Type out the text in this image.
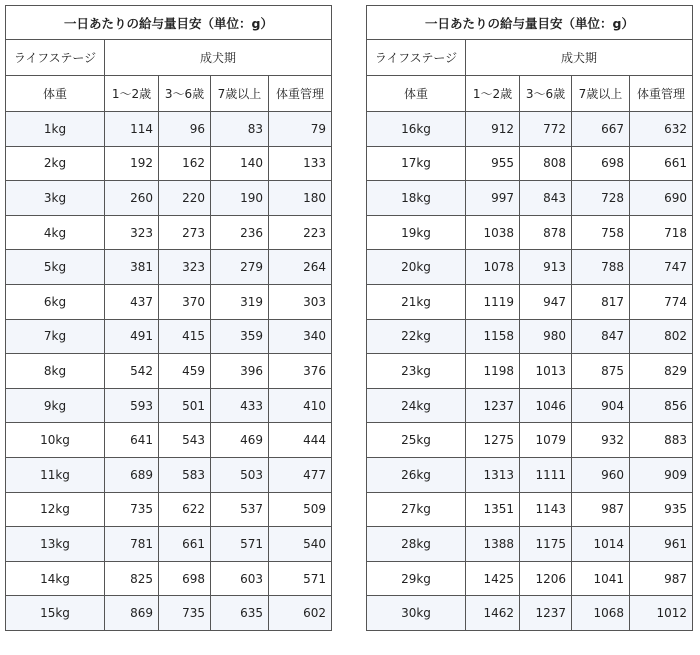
一日あたりの給与量目安（単位：g）				
ライフステージ	成犬期			
体重	1～2歳	3～6歳	7歳以上	体重管理
1kg	114	96	83	79
2kg	192	162	140	133
3kg	260	220	190	180
4kg	323	273	236	223
5kg	381	323	279	264
6kg	437	370	319	303
7kg	491	415	359	340
8kg	542	459	396	376
9kg	593	501	433	410
10kg	641	543	469	444
11kg	689	583	503	477
12kg	735	622	537	509
13kg	781	661	571	540
14kg	825	698	603	571
15kg	869	735	635	602
一日あたりの給与量目安（単位：g）				
ライフステージ	成犬期			
体重	1～2歳	3～6歳	7歳以上	体重管理
16kg	912	772	667	632
17kg	955	808	698	661
18kg	997	843	728	690
19kg	1038	878	758	718
20kg	1078	913	788	747
21kg	1119	947	817	774
22kg	1158	980	847	802
23kg	1198	1013	875	829
24kg	1237	1046	904	856
25kg	1275	1079	932	883
26kg	1313	1111	960	909
27kg	1351	1143	987	935
28kg	1388	1175	1014	961
29kg	1425	1206	1041	987
30kg	1462	1237	1068	1012
